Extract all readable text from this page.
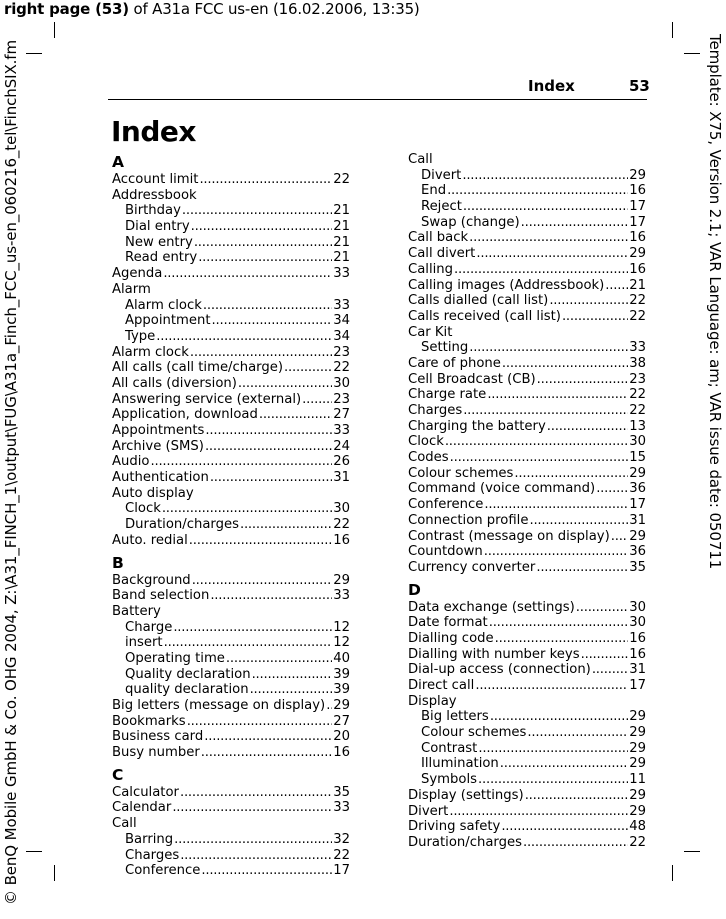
right page (53) of A31a FCC us-en (16.02.2006, 13:35)
© BenQ Mobile GmbH & Co. OHG 2004, Z:\A31_FINCH_1\output\FUG\A31a_Finch_FCC_us-en_060216_tel\FinchSIX.fm	Template: X75, Version 2.1; VAR Language: am; VAR issue date: 050711
Index	53
Index
A
Account limit . . .	22
Addressbook
Birthday . . .	21
Dial entry . . .	21
New entry . . .	21
Read entry . . .	21
Agenda . . .	33
Alarm
Alarm clock . . .	33
Appointment . . .	34
Type . . .	34
Alarm clock . . .	23
All calls (call time/charge) . . .	22
All calls (diversion) . . .	30
Answering service (external) . . . 23
Application, download . . .	27
Appointments . . .	33
Archive (SMS) . . .	24
Audio . . .	26
Authentication . . .	31
Auto display
Clock . . .	30
Duration/charges . . .	22
Auto. redial . . .	16
B
Background . . .	29
Band selection . . .	33
Battery
Charge . . .	12
insert . . .	12
Operating time . . .	40
Quality declaration . . .	39
quality declaration . . .	39
Big letters (message on display) . . . 29
Bookmarks . . .	27
Business card . . .	20
Busy number . . .	16
C
Calculator . . .	35
Calendar . . .	33
Call
Barring . . .	32
Charges . . .	22
Conference . . .	17
Call
Divert . . .	29
End . . .	16
Reject . . .	17
Swap (change) . . .	17
Call back . . .	16
Call divert . . .	29
Calling . . .	16
Calling images (Addressbook) . . . 21
Calls dialled (call list) . . .	22
Calls received (call list) . . .	22
Car Kit
Setting . . .	33
Care of phone . . .	38
Cell Broadcast (CB) . . .	23
Charge rate . . .	22
Charges . . .	22
Charging the battery . . .	13
Clock . . .	30
Codes . . .	15
Colour schemes . . .	29
Command (voice command) . . .	36
Conference . . .	17
Connection profile . . .	31
Contrast (message on display) . . . 29
Countdown . . .	36
Currency converter . . .	35
D
Data exchange (settings) . . .	30
Date format . . .	30
Dialling code . . .	16
Dialling with number keys . . .	16
Dial-up access (connection) . . .	31
Direct call . . .	17
Display
Big letters . . .	29
Colour schemes . . .	29
Contrast . . .	29
Illumination . . .	29
Symbols . . .	11
Display (settings) . . .	29
Divert . . .	29
Driving safety . . .	48
Duration/charges . . .	22
